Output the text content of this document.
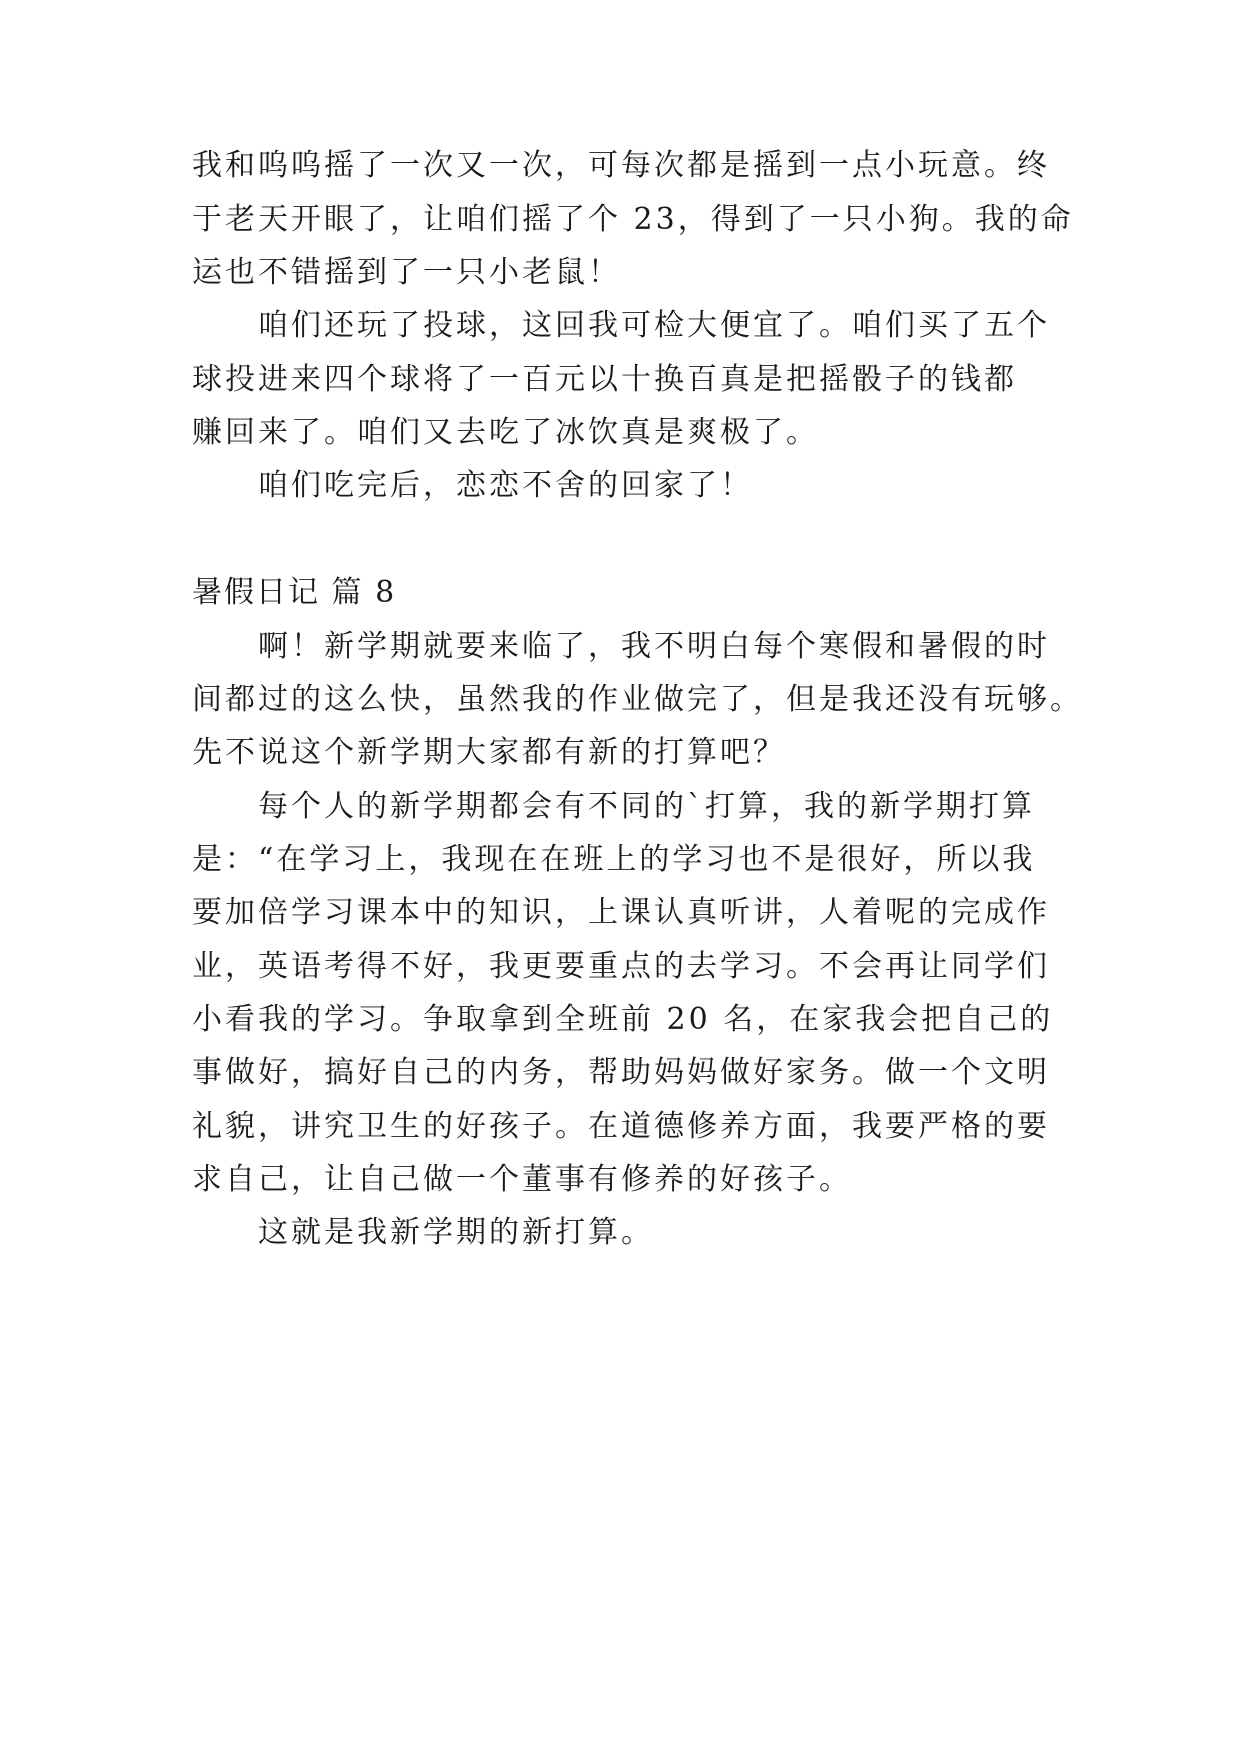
我和呜呜摇了一次又一次，可每次都是摇到一点小玩意。终
于老天开眼了，让咱们摇了个 23，得到了一只小狗。我的命
运也不错摇到了一只小老鼠！
咱们还玩了投球，这回我可检大便宜了。咱们买了五个
球投进来四个球将了一百元以十换百真是把摇骰子的钱都
赚回来了。咱们又去吃了冰饮真是爽极了。
咱们吃完后，恋恋不舍的回家了！
暑假日记 篇 8
啊！新学期就要来临了，我不明白每个寒假和暑假的时
间都过的这么快，虽然我的作业做完了，但是我还没有玩够。
先不说这个新学期大家都有新的打算吧？
每个人的新学期都会有不同的`打算，我的新学期打算
是：“在学习上，我现在在班上的学习也不是很好，所以我
要加倍学习课本中的知识，上课认真听讲，人着呢的完成作
业，英语考得不好，我更要重点的去学习。不会再让同学们
小看我的学习。争取拿到全班前 20 名，在家我会把自己的
事做好，搞好自己的内务，帮助妈妈做好家务。做一个文明
礼貌，讲究卫生的好孩子。在道德修养方面，我要严格的要
求自己，让自己做一个董事有修养的好孩子。
这就是我新学期的新打算。
